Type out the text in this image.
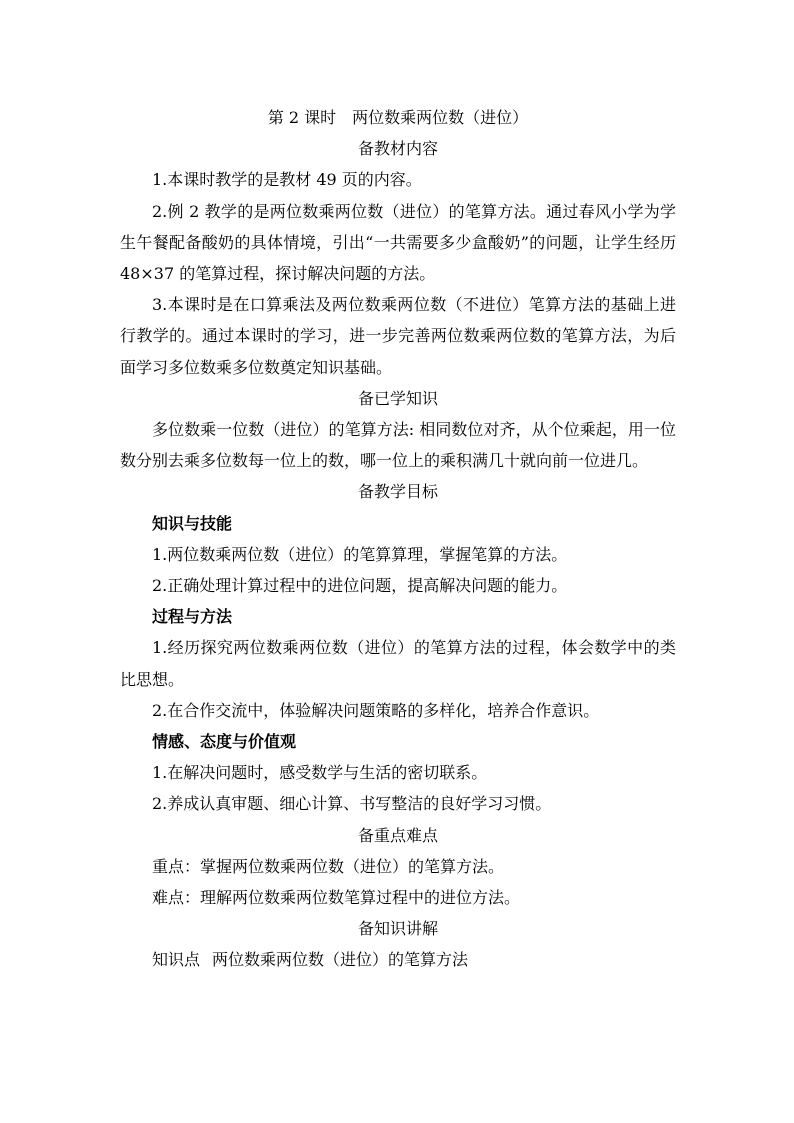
第 2 课时　两位数乘两位数（进位）

备教材内容

1.本课时教学的是教材 49 页的内容。

2.例 2 教学的是两位数乘两位数（进位）的笔算方法。通过春风小学为学生午餐配备酸奶的具体情境，引出“一共需要多少盒酸奶”的问题，让学生经历 48×37 的笔算过程，探讨解决问题的方法。

3.本课时是在口算乘法及两位数乘两位数（不进位）笔算方法的基础上进行教学的。通过本课时的学习，进一步完善两位数乘两位数的笔算方法，为后面学习多位数乘多位数奠定知识基础。

备已学知识

多位数乘一位数（进位）的笔算方法: 相同数位对齐，从个位乘起，用一位数分别去乘多位数每一位上的数，哪一位上的乘积满几十就向前一位进几。

备教学目标

知识与技能

1.两位数乘两位数（进位）的笔算算理，掌握笔算的方法。

2.正确处理计算过程中的进位问题，提高解决问题的能力。

过程与方法

1.经历探究两位数乘两位数（进位）的笔算方法的过程，体会数学中的类比思想。

2.在合作交流中，体验解决问题策略的多样化，培养合作意识。

情感、态度与价值观

1.在解决问题时，感受数学与生活的密切联系。

2.养成认真审题、细心计算、书写整洁的良好学习习惯。

备重点难点

重点：掌握两位数乘两位数（进位）的笔算方法。

难点：理解两位数乘两位数笔算过程中的进位方法。

备知识讲解

知识点 两位数乘两位数（进位）的笔算方法
